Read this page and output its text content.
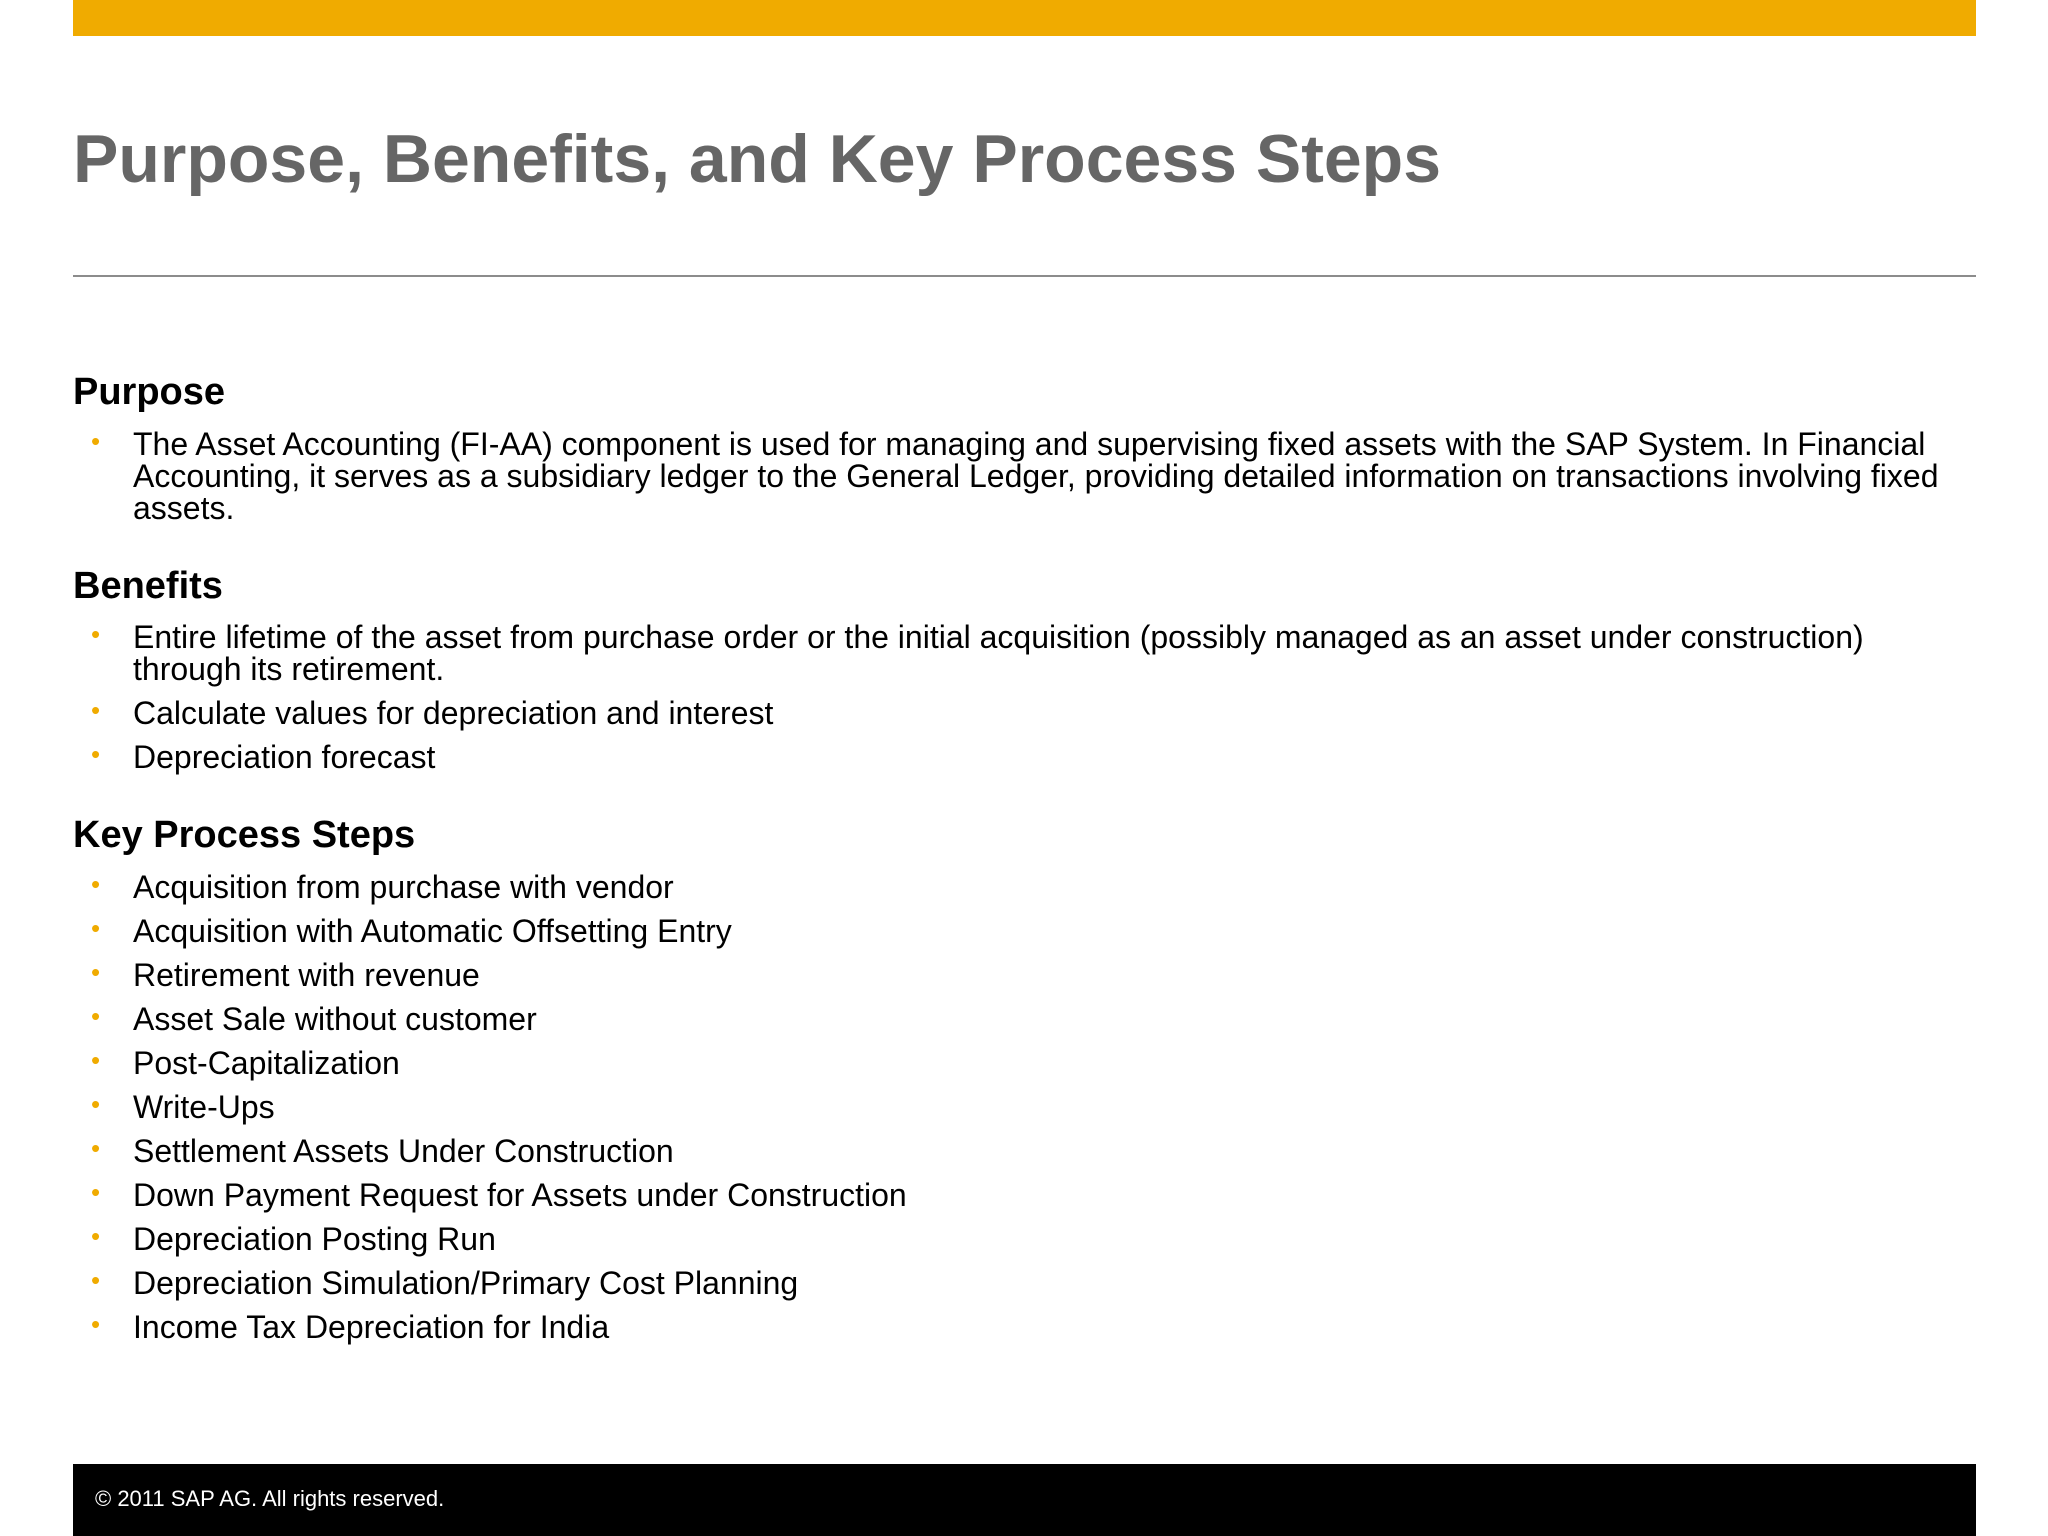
Purpose, Benefits, and Key Process Steps
Purpose
• The Asset Accounting (FI-AA) component is used for managing and supervising fixed assets with the SAP System. In Financial Accounting, it serves as a subsidiary ledger to the General Ledger, providing detailed information on transactions involving fixed assets.
Benefits
• Entire lifetime of the asset from purchase order or the initial acquisition (possibly managed as an asset under construction) through its retirement.
• Calculate values for depreciation and interest
• Depreciation forecast
Key Process Steps
• Acquisition from purchase with vendor
• Acquisition with Automatic Offsetting Entry
• Retirement with revenue
• Asset Sale without customer
• Post-Capitalization
• Write-Ups
• Settlement Assets Under Construction
• Down Payment Request for Assets under Construction
• Depreciation Posting Run
• Depreciation Simulation/Primary Cost Planning
• Income Tax Depreciation for India
© 2011 SAP AG. All rights reserved.
